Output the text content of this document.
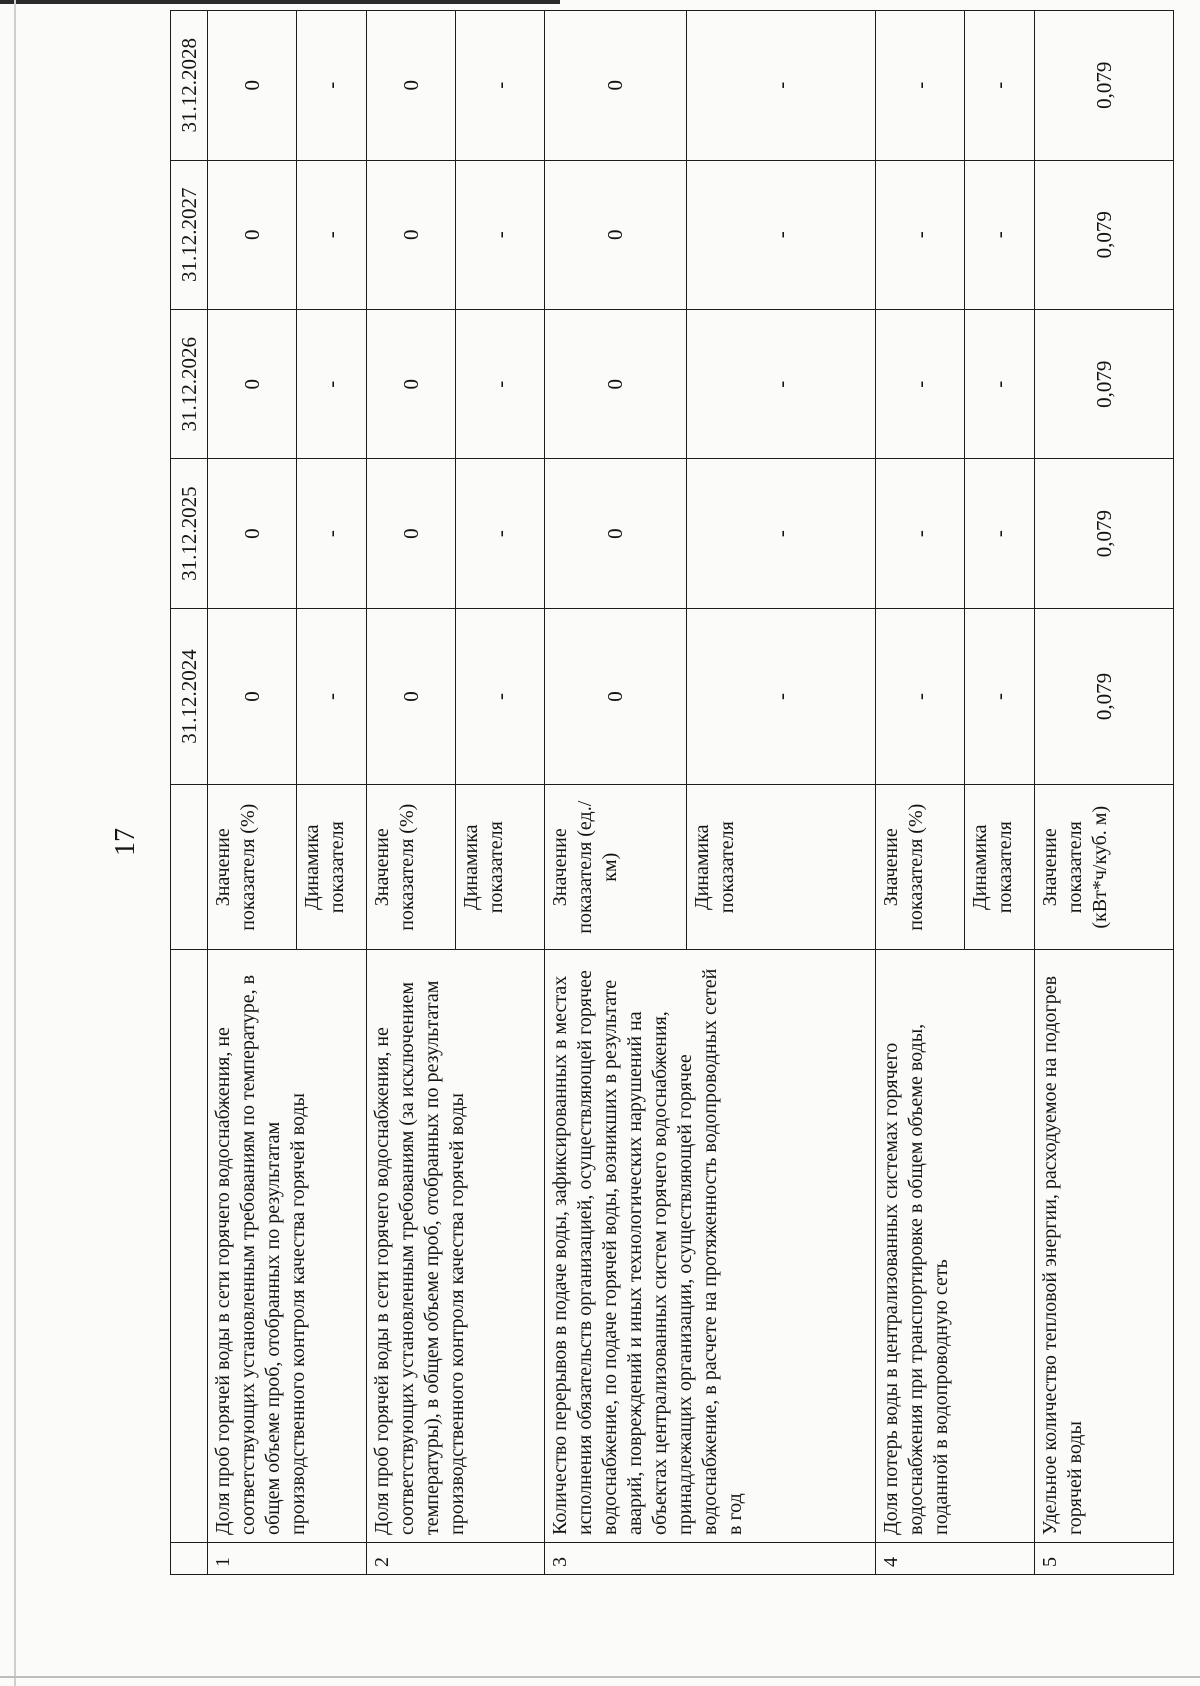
17
			31.12.2024	31.12.2025	31.12.2026	31.12.2027	31.12.2028
1	Доля проб горячей воды в сети горячего водоснабжения, не соответствующих установленным требованиям по температуре, в общем объеме проб, отобранных по результатам производственного контроля качества горячей воды	Значение показателя (%)	0	0	0	0	0
		Динамика показателя	-	-	-	-	-
2	Доля проб горячей воды в сети горячего водоснабжения, не соответствующих установленным требованиям (за исключением температуры), в общем объеме проб, отобранных по результатам производственного контроля качества горячей воды	Значение показателя (%)	0	0	0	0	0
		Динамика показателя	-	-	-	-	-
3	Количество перерывов в подаче воды, зафиксированных в местах исполнения обязательств организацией, осуществляющей горячее водоснабжение, по подаче горячей воды, возникших в результате аварий, повреждений и иных технологических нарушений на объектах централизованных систем горячего водоснабжения, принадлежащих организации, осуществляющей горячее водоснабжение, в расчете на протяженность водопроводных сетей в год	Значение показателя (ед./км)	0	0	0	0	0
		Динамика показателя	-	-	-	-	-
4	Доля потерь воды в централизованных системах горячего водоснабжения при транспортировке в общем объеме воды, поданной в водопроводную сеть	Значение показателя (%)	-	-	-	-	-
		Динамика показателя	-	-	-	-	-
5	Удельное количество тепловой энергии, расходуемое на подогрев горячей воды	Значение показателя (кВт*ч/куб. м)	0,079	0,079	0,079	0,079	0,079
